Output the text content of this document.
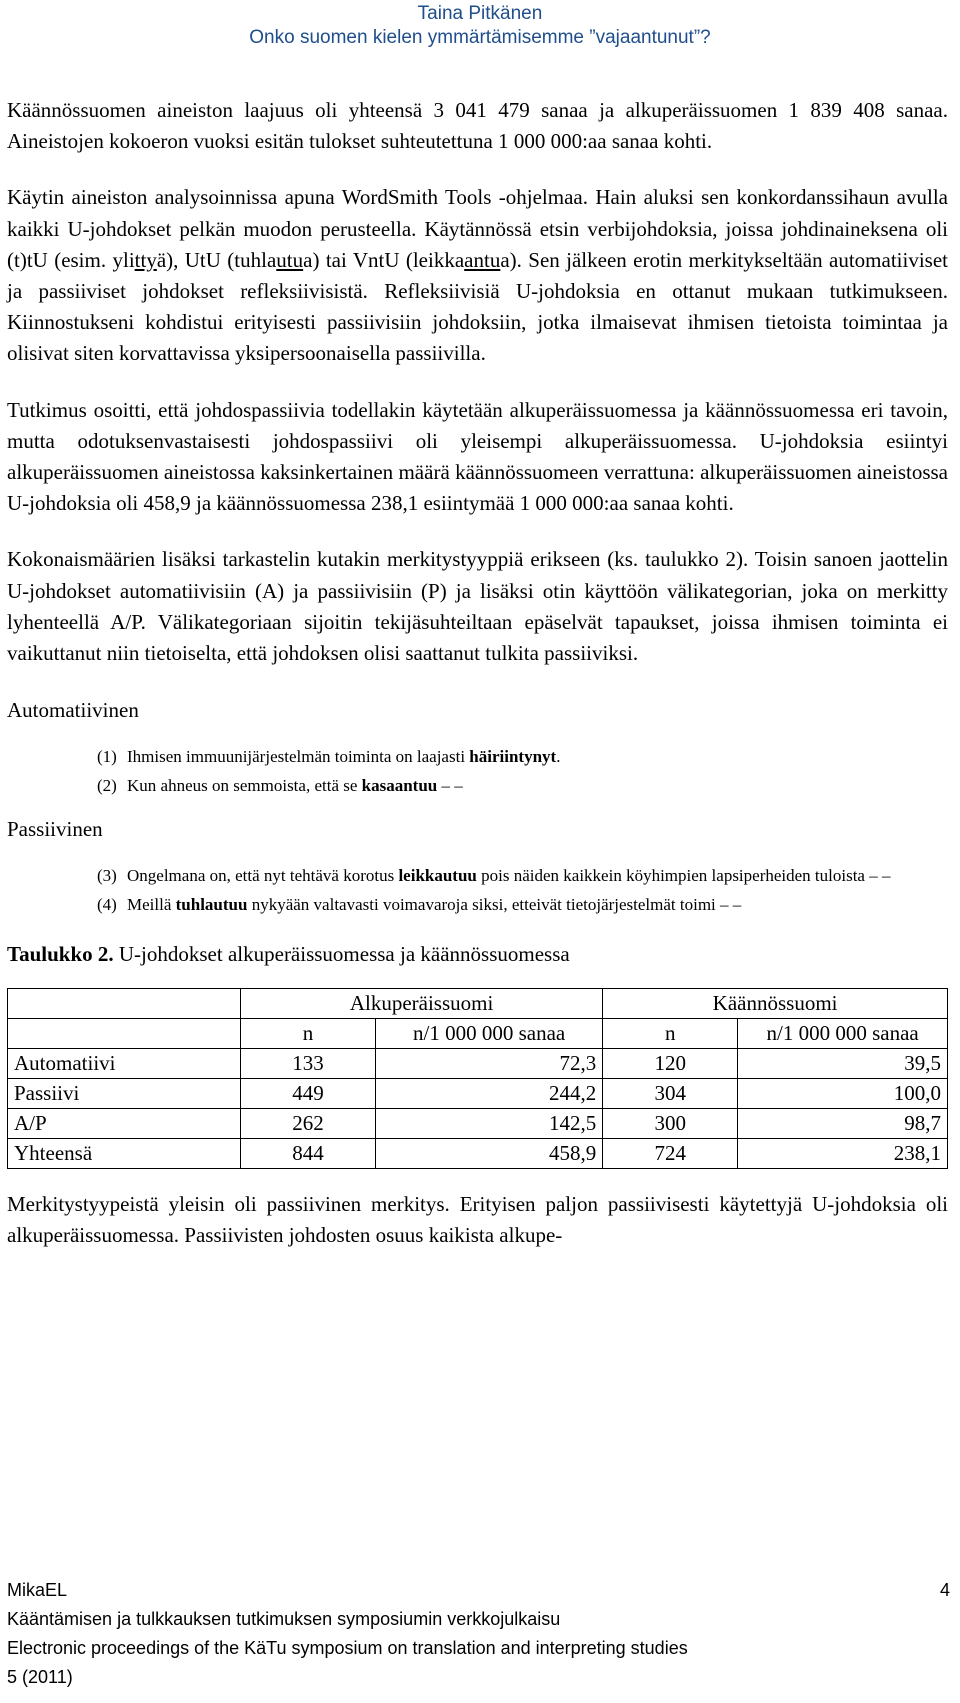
Taina Pitkänen
Onko suomen kielen ymmärtämisemme ”vajaantunut”?

Käännössuomen aineiston laajuus oli yhteensä 3 041 479 sanaa ja alkuperäissuomen 1 839 408 sanaa. Aineistojen kokoeron vuoksi esitän tulokset suhteutettuna 1 000 000:aa sanaa kohti.

Käytin aineiston analysoinnissa apuna WordSmith Tools -ohjelmaa. Hain aluksi sen konkordanssihaun avulla kaikki U-johdokset pelkän muodon perusteella. Käytännössä etsin verbijohdoksia, joissa johdinaineksena oli (t)tU (esim. ylittyä), UtU (tuhlautua) tai VntU (leikkaantua). Sen jälkeen erotin merkitykseltään automatiiviset ja passiiviset johdokset refleksiivisistä. Refleksiivisiä U-johdoksia en ottanut mukaan tutkimukseen. Kiinnostukseni kohdistui erityisesti passiivisiin johdoksiin, jotka ilmaisevat ihmisen tietoista toimintaa ja olisivat siten korvattavissa yksipersoonaisella passiivilla.

Tutkimus osoitti, että johdospassiivia todellakin käytetään alkuperäissuomessa ja käännössuomessa eri tavoin, mutta odotuksenvastaisesti johdospassiivi oli yleisempi alkuperäissuomessa. U-johdoksia esiintyi alkuperäissuomen aineistossa kaksinkertainen määrä käännössuomeen verrattuna: alkuperäissuomen aineistossa U-johdoksia oli 458,9 ja käännössuomessa 238,1 esiintymää 1 000 000:aa sanaa kohti.

Kokonaismäärien lisäksi tarkastelin kutakin merkitystyyppiä erikseen (ks. taulukko 2). Toisin sanoen jaottelin U-johdokset automatiivisiin (A) ja passiivisiin (P) ja lisäksi otin käyttöön välikategorian, joka on merkitty lyhenteellä A/P. Välikategoriaan sijoitin tekijäsuhteiltaan epäselvät tapaukset, joissa ihmisen toiminta ei vaikuttanut niin tietoiselta, että johdoksen olisi saattanut tulkita passiiviksi.

Automatiivinen

(1) Ihmisen immuunijärjestelmän toiminta on laajasti häiriintynyt.
(2) Kun ahneus on semmoista, että se kasaantuu – –

Passiivinen

(3) Ongelmana on, että nyt tehtävä korotus leikkautuu pois näiden kaikkein köyhimpien lapsiperheiden tuloista – –
(4) Meillä tuhlautuu nykyään valtavasti voimavaroja siksi, etteivät tietojärjestelmät toimi – –

Taulukko 2. U-johdokset alkuperäissuomessa ja käännössuomessa

	Alkuperäissuomi		Käännössuomi	
	n	n/1 000 000 sanaa	n	n/1 000 000 sanaa
Automatiivi	133	72,3	120	39,5
Passiivi	449	244,2	304	100,0
A/P	262	142,5	300	98,7
Yhteensä	844	458,9	724	238,1

Merkitystyypeistä yleisin oli passiivinen merkitys. Erityisen paljon passiivisesti käytettyjä U-johdoksia oli alkuperäissuomessa. Passiivisten johdosten osuus kaikista alkupe-

MikaEL	4
Kääntämisen ja tulkkauksen tutkimuksen symposiumin verkkojulkaisu
Electronic proceedings of the KäTu symposium on translation and interpreting studies
5 (2011)
